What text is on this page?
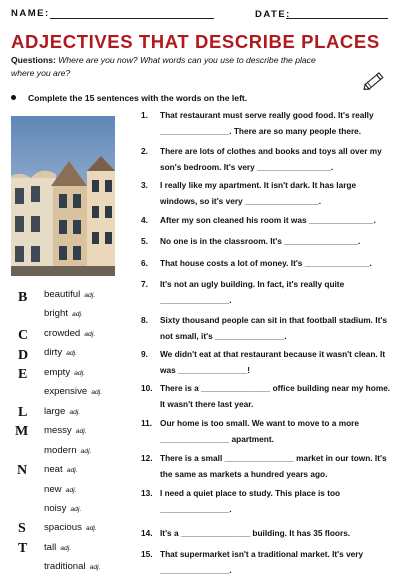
NAME:	DATE:
ADJECTIVES THAT DESCRIBE PLACES
Questions: Where are you now? What words can you use to describe the place
where you are?
Complete the 15 sentences with the words on the left.
B
C
D
E
L
M
N
S
T
beautiful adj.
bright adj.
crowded adj.
dirty adj.
empty adj.
expensive adj.
large adj.
messy adj.
modern adj.
neat adj.
new adj.
noisy adj.
spacious adj.
tall adj.
traditional adj.
1.	That restaurant must serve really good food. It's really _______________. There are so many people there.
2.	There are lots of clothes and books and toys all over my son's bedroom. It's very ________________.
3.	I really like my apartment. It isn't dark. It has large windows, so it's very ________________.
4.	After my son cleaned his room it was ______________.
5.	No one is in the classroom. It's ________________.
6.	That house costs a lot of money. It's ______________.
7.	It's not an ugly building. In fact, it's really quite _______________.
8.	Sixty thousand people can sit in that football stadium. It's not small, it's _______________.
9.	We didn't eat at that restaurant because it wasn't clean. It was _______________!
10. There is a _______________ office building near my home. It wasn't there last year.
11. Our home is too small. We want to move to a more _______________ apartment.
12. There is a small _______________ market in our town. It's the same as markets a hundred years ago.
13. I need a quiet place to study. This place is too _______________.
14. It's a _______________ building. It has 35 floors.
15. That supermarket isn't a traditional market. It's very _______________.
